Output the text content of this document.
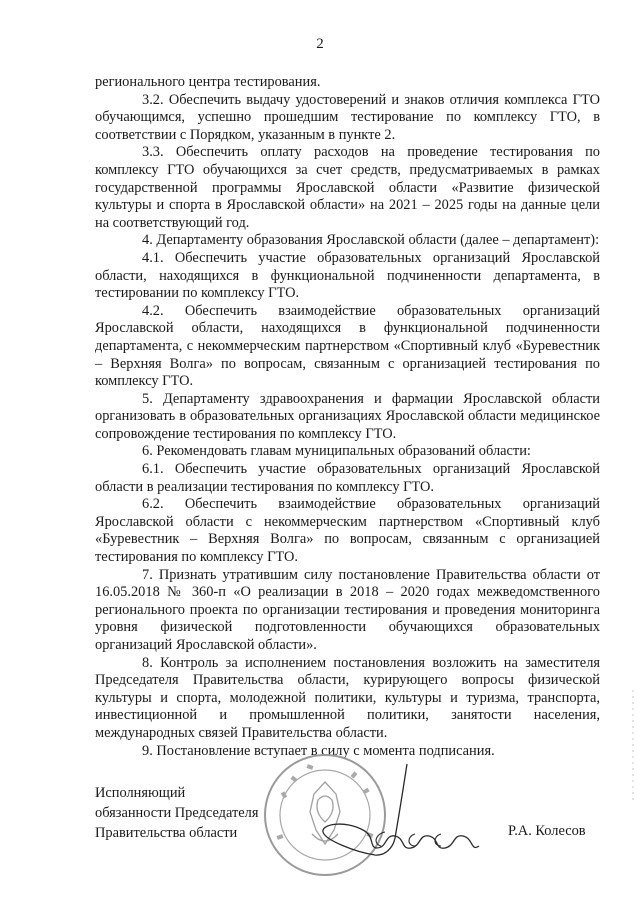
2

регионального центра тестирования.

3.2. Обеспечить выдачу удостоверений и знаков отличия комплекса ГТО обучающимся, успешно прошедшим тестирование по комплексу ГТО, в соответствии с Порядком, указанным в пункте 2.

3.3. Обеспечить оплату расходов на проведение тестирования по комплексу ГТО обучающихся за счет средств, предусматриваемых в рамках государственной программы Ярославской области «Развитие физической культуры и спорта в Ярославской области» на 2021 – 2025 годы на данные цели на соответствующий год.

4. Департаменту образования Ярославской области (далее – департамент):

4.1. Обеспечить участие образовательных организаций Ярославской области, находящихся в функциональной подчиненности департамента, в тестировании по комплексу ГТО.

4.2. Обеспечить взаимодействие образовательных организаций Ярославской области, находящихся в функциональной подчиненности департамента, с некоммерческим партнерством «Спортивный клуб «Буревестник – Верхняя Волга» по вопросам, связанным с организацией тестирования по комплексу ГТО.

5. Департаменту здравоохранения и фармации Ярославской области организовать в образовательных организациях Ярославской области медицинское сопровождение тестирования по комплексу ГТО.

6. Рекомендовать главам муниципальных образований области:

6.1. Обеспечить участие образовательных организаций Ярославской области в реализации тестирования по комплексу ГТО.

6.2. Обеспечить взаимодействие образовательных организаций Ярославской области с некоммерческим партнерством «Спортивный клуб «Буревестник – Верхняя Волга» по вопросам, связанным с организацией тестирования по комплексу ГТО.

7. Признать утратившим силу постановление Правительства области от 16.05.2018 № 360-п «О реализации в 2018 – 2020 годах межведомственного регионального проекта по организации тестирования и проведения мониторинга уровня физической подготовленности обучающихся образовательных организаций Ярославской области».

8. Контроль за исполнением постановления возложить на заместителя Председателя Правительства области, курирующего вопросы физической культуры и спорта, молодежной политики, культуры и туризма, транспорта, инвестиционной и промышленной политики, занятости населения, международных связей Правительства области.

9. Постановление вступает в силу с момента подписания.

Исполняющий
обязанности Председателя
Правительства области	Р.А. Колесов
